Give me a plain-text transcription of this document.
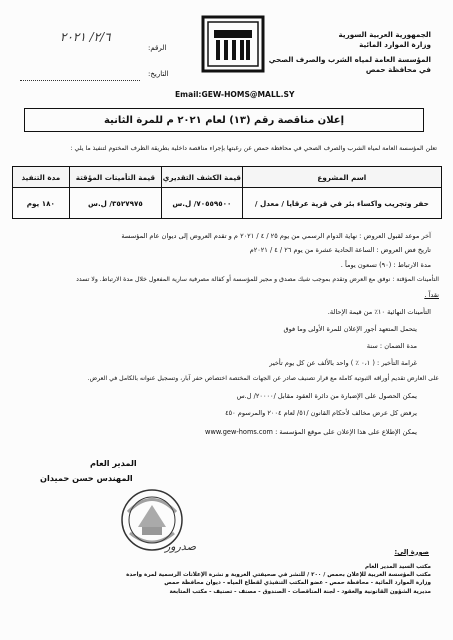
الجمهورية العربية السورية
وزارة الموارد المائية
المؤسسة العامة لمياه الشرب والصرف الصحي
في محافظة حمص
٢/٦/ ٢٠٢١
الرقم:
التاريخ:
Email:GEW-HOMS@MALL.SY
إعلان مناقصة رقم (١٣) لعام ٢٠٢١ م للمرة الثانية
تعلن المؤسسة العامة لمياه الشرب والصرف الصحي في محافظة حمص عن رغبتها بإجراء مناقصة داخلية بطريقة الظرف المختوم لتنفيذ ما يلي :
اسم المشروع	قيمة الكشف التقديري	قيمة التأمينات المؤقتة	مدة التنفيذ
حفر وتجريب واكساء بئر في قرية عرقايا / معدل /	٧٠٥٥٩٥٠٠/ ل.س	٣٥٢٧٩٧٥/ ل.س	١٨٠ يوم
آخر موعد لقبول العروض : نهاية الدوام الرسمي من يوم ٢٥ / ٤ / ٢٠٢١ م و تقدم العروض إلى ديوان عام المؤسسة
تاريخ فض العروض : الساعة الحادية عشرة من يوم ٢٦ / ٤ / ٢٠٢١م
مدة الارتباط : (٩٠) تسعون يوماً .
التأمينات المؤقتة : نوفق مع العرض وتقدم بموجب شيك مصدق و مجير للمؤسسة أو كفالة مصرفية سارية المفعول خلال مدة الارتباط. ولا تسدد
نقداً .
التأمينات النهائية ١٠٪ من قيمة الإحالة.
يتحمل المتعهد أجور الإعلان للمرة الأولى وما فوق
مدة الضمان : سنة
غرامة التأخير : ( ٠،١ ٪ ) واحد بالألف عن كل يوم تأخير
على العارض تقديم أوراقه الثبوتية كاملة مع قرار تصنيف صادر عن الجهات المختصة اختصاص حفر آبار، وتسجيل عنوانه بالكامل في العرض.
يمكن الحصول على الإضبارة من دائرة العقود مقابل /٢٠٠٠٠/ ل.س
يرفض كل عرض مخالف لأحكام القانون /٥١/ لعام ٢٠٠٤ والمرسوم ٤٥٠
يمكن الإطلاع على هذا الإعلان على موقع المؤسسة : www.gew-homs.com
المدير العام
المهندس حسن حميدان
صدرور	صورة إلى:
مكتب السيد المدير العام
مكتب المؤسسة العربية للإعلان بحمص / ٢٠٠ / للنشر في صحيفتي العروبة و نشرة الإعلانات الرسمية لمرة واحدة
وزارة الموارد المائية - محافظة حمص - عضو المكتب التنفيذي لقطاع المياه - ديوان محافظة حمص
مديرية الشؤون القانونية والعقود - لجنة المناقصات - الصندوق - مصنف - تصنيف - مكتب المتابعة
